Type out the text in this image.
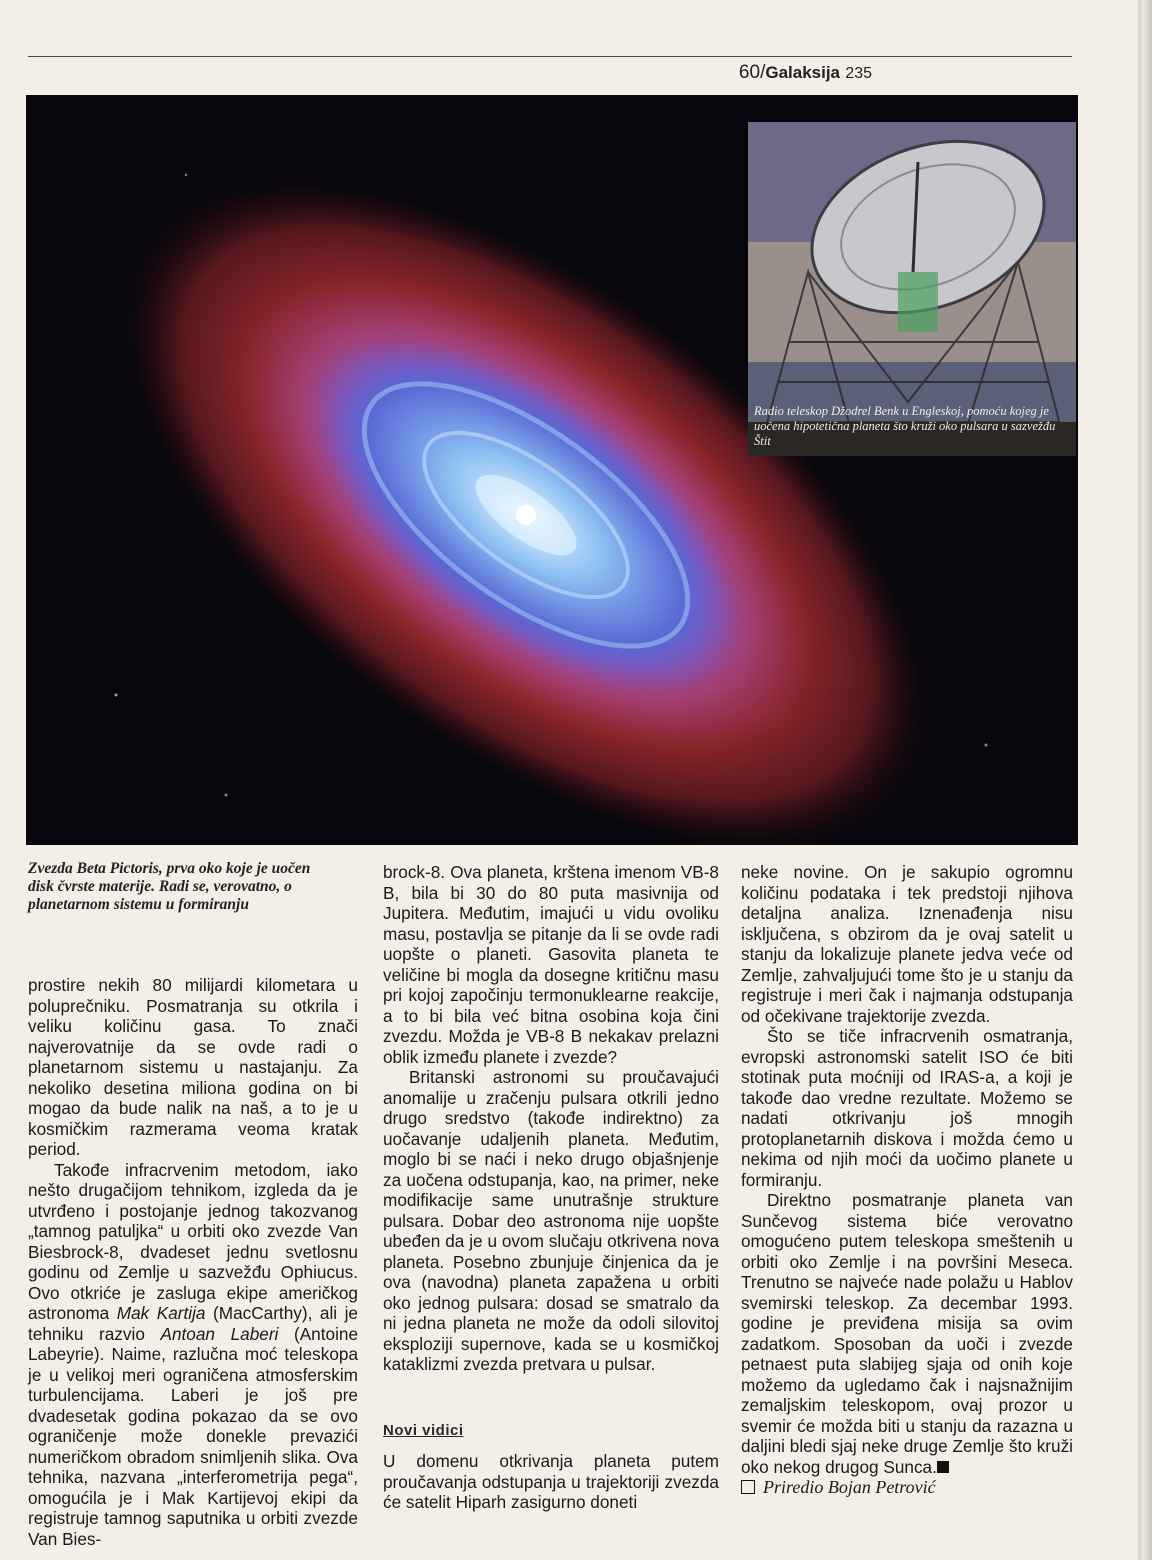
60/Galaksija 235
Radio teleskop Džodrel Benk u Engleskoj, pomoću kojeg je uočena hipotetična planeta što kruži oko pulsara u sazvežđu Štit
Zvezda Beta Pictoris, prva oko koje je uočen disk čvrste materije. Radi se, verovatno, o planetarnom sistemu u formiranju

prostire nekih 80 milijardi kilometara u poluprečniku. Posmatranja su otkrila i veliku količinu gasa. To znači najverovatnije da se ovde radi o planetarnom sistemu u nastajanju. Za nekoliko desetina miliona godina on bi mogao da bude nalik na naš, a to je u kosmičkim razmerama veoma kratak period.

Takođe infracrvenim metodom, iako nešto drugačijom tehnikom, izgleda da je utvrđeno i postojanje jednog takozvanog „tamnog patuljka“ u orbiti oko zvezde Van Biesbrock-8, dvadeset jednu svetlosnu godinu od Zemlje u sazvežđu Ophiucus. Ovo otkriće je zasluga ekipe američkog astronoma Mak Kartija (MacCarthy), ali je tehniku razvio Antoan Laberi (Antoine Labeyrie). Naime, razlučna moć teleskopa je u velikoj meri ograničena atmosferskim turbulencijama. Laberi je još pre dvadesetak godina pokazao da se ovo ograničenje može donekle prevazići numeričkom obradom snimljenih slika. Ova tehnika, nazvana „interferometrija pega“, omogućila je i Mak Kartijevoj ekipi da registruje tamnog saputnika u orbiti zvezde Van Bies-

brock-8. Ova planeta, krštena imenom VB-8 B, bila bi 30 do 80 puta masivnija od Jupitera. Međutim, imajući u vidu ovoliku masu, postavlja se pitanje da li se ovde radi uopšte o planeti. Gasovita planeta te veličine bi mogla da dosegne kritičnu masu pri kojoj započinju termonuklearne reakcije, a to bi bila već bitna osobina koja čini zvezdu. Možda je VB-8 B nekakav prelazni oblik između planete i zvezde?

Britanski astronomi su proučavajući anomalije u zračenju pulsara otkrili jedno drugo sredstvo (takođe indirektno) za uočavanje udaljenih planeta. Međutim, moglo bi se naći i neko drugo objašnjenje za uočena odstupanja, kao, na primer, neke modifikacije same unutrašnje strukture pulsara. Dobar deo astronoma nije uopšte ubeđen da je u ovom slučaju otkrivena nova planeta. Posebno zbunjuje činjenica da je ova (navodna) planeta zapažena u orbiti oko jednog pulsara: dosad se smatralo da ni jedna planeta ne može da odoli silovitoj eksploziji supernove, kada se u kosmičkoj kataklizmi zvezda pretvara u pulsar.

Novi vidici

U domenu otkrivanja planeta putem proučavanja odstupanja u trajektoriji zvezda će satelit Hiparh zasigurno doneti

neke novine. On je sakupio ogromnu količinu podataka i tek predstoji njihova detaljna analiza. Iznenađenja nisu isključena, s obzirom da je ovaj satelit u stanju da lokalizuje planete jedva veće od Zemlje, zahvaljujući tome što je u stanju da registruje i meri čak i najmanja odstupanja od očekivane trajektorije zvezda.

Što se tiče infracrvenih osmatranja, evropski astronomski satelit ISO će biti stotinak puta moćniji od IRAS-a, a koji je takođe dao vredne rezultate. Možemo se nadati otkrivanju još mnogih protoplanetarnih diskova i možda ćemo u nekima od njih moći da uočimo planete u formiranju.

Direktno posmatranje planeta van Sunčevog sistema biće verovatno omogućeno putem teleskopa smeštenih u orbiti oko Zemlje i na površini Meseca. Trenutno se najveće nade polažu u Hablov svemirski teleskop. Za decembar 1993. godine je previđena misija sa ovim zadatkom. Sposoban da uoči i zvezde petnaest puta slabijeg sjaja od onih koje možemo da ugledamo čak i najsnažnijim zemaljskim teleskopom, ovaj prozor u svemir će možda biti u stanju da razazna u daljini bledi sjaj neke druge Zemlje što kruži oko nekog drugog Sunca.

Priredio Bojan Petrović
